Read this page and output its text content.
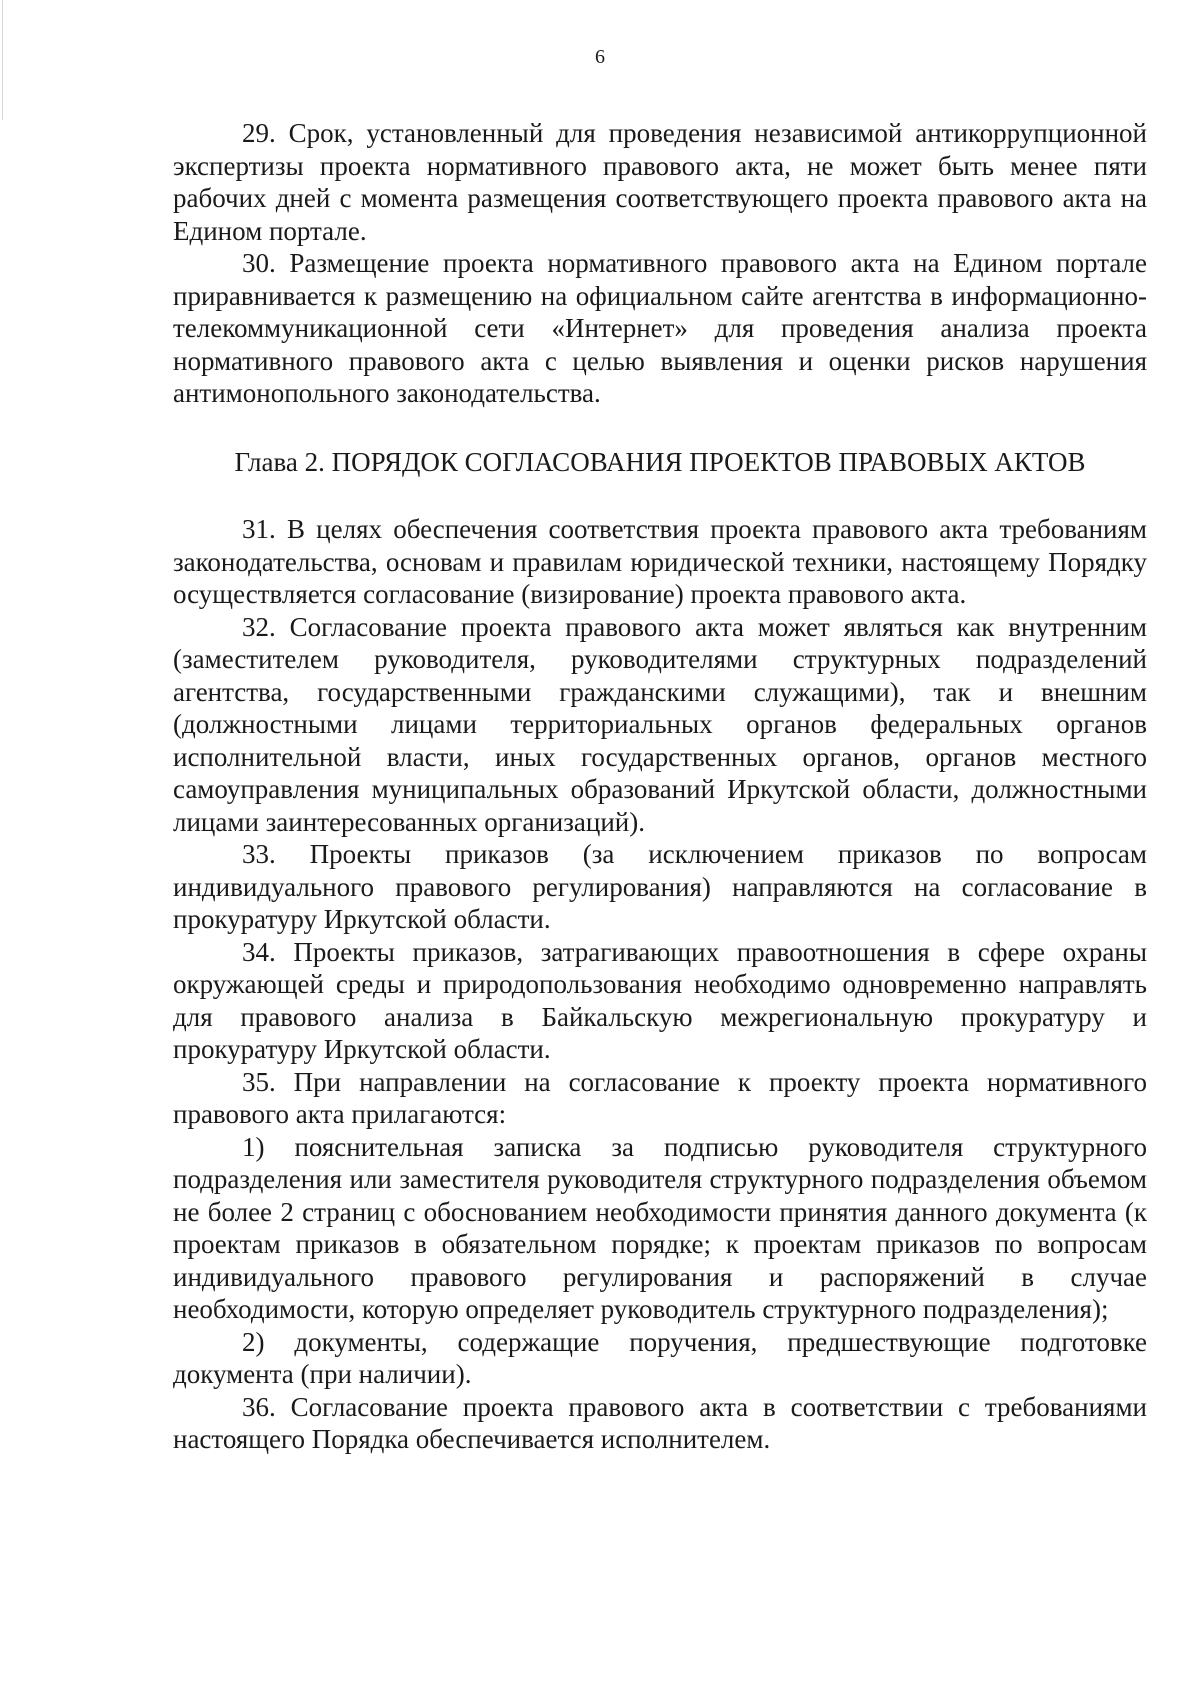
6

29. Срок, установленный для проведения независимой антикоррупционной экспертизы проекта нормативного правового акта, не может быть менее пяти рабочих дней с момента размещения соответствующего проекта правового акта на Едином портале.

30. Размещение проекта нормативного правового акта на Едином портале приравнивается к размещению на официальном сайте агентства в информационно-телекоммуникационной сети «Интернет» для проведения анализа проекта нормативного правового акта с целью выявления и оценки рисков нарушения антимонопольного законодательства.

Глава 2. ПОРЯДОК СОГЛАСОВАНИЯ ПРОЕКТОВ ПРАВОВЫХ АКТОВ

31. В целях обеспечения соответствия проекта правового акта требованиям законодательства, основам и правилам юридической техники, настоящему Порядку осуществляется согласование (визирование) проекта правового акта.

32. Согласование проекта правового акта может являться как внутренним (заместителем руководителя, руководителями структурных подразделений агентства, государственными гражданскими служащими), так и внешним (должностными лицами территориальных органов федеральных органов исполнительной власти, иных государственных органов, органов местного самоуправления муниципальных образований Иркутской области, должностными лицами заинтересованных организаций).

33. Проекты приказов (за исключением приказов по вопросам индивидуального правового регулирования) направляются на согласование в прокуратуру Иркутской области.

34. Проекты приказов, затрагивающих правоотношения в сфере охраны окружающей среды и природопользования необходимо одновременно направлять для правового анализа в Байкальскую межрегиональную прокуратуру и прокуратуру Иркутской области.

35. При направлении на согласование к проекту проекта нормативного правового акта прилагаются:

1) пояснительная записка за подписью руководителя структурного подразделения или заместителя руководителя структурного подразделения объемом не более 2 страниц с обоснованием необходимости принятия данного документа (к проектам приказов в обязательном порядке; к проектам приказов по вопросам индивидуального правового регулирования и распоряжений в случае необходимости, которую определяет руководитель структурного подразделения);

2) документы, содержащие поручения, предшествующие подготовке документа (при наличии).

36. Согласование проекта правового акта в соответствии с требованиями настоящего Порядка обеспечивается исполнителем.
